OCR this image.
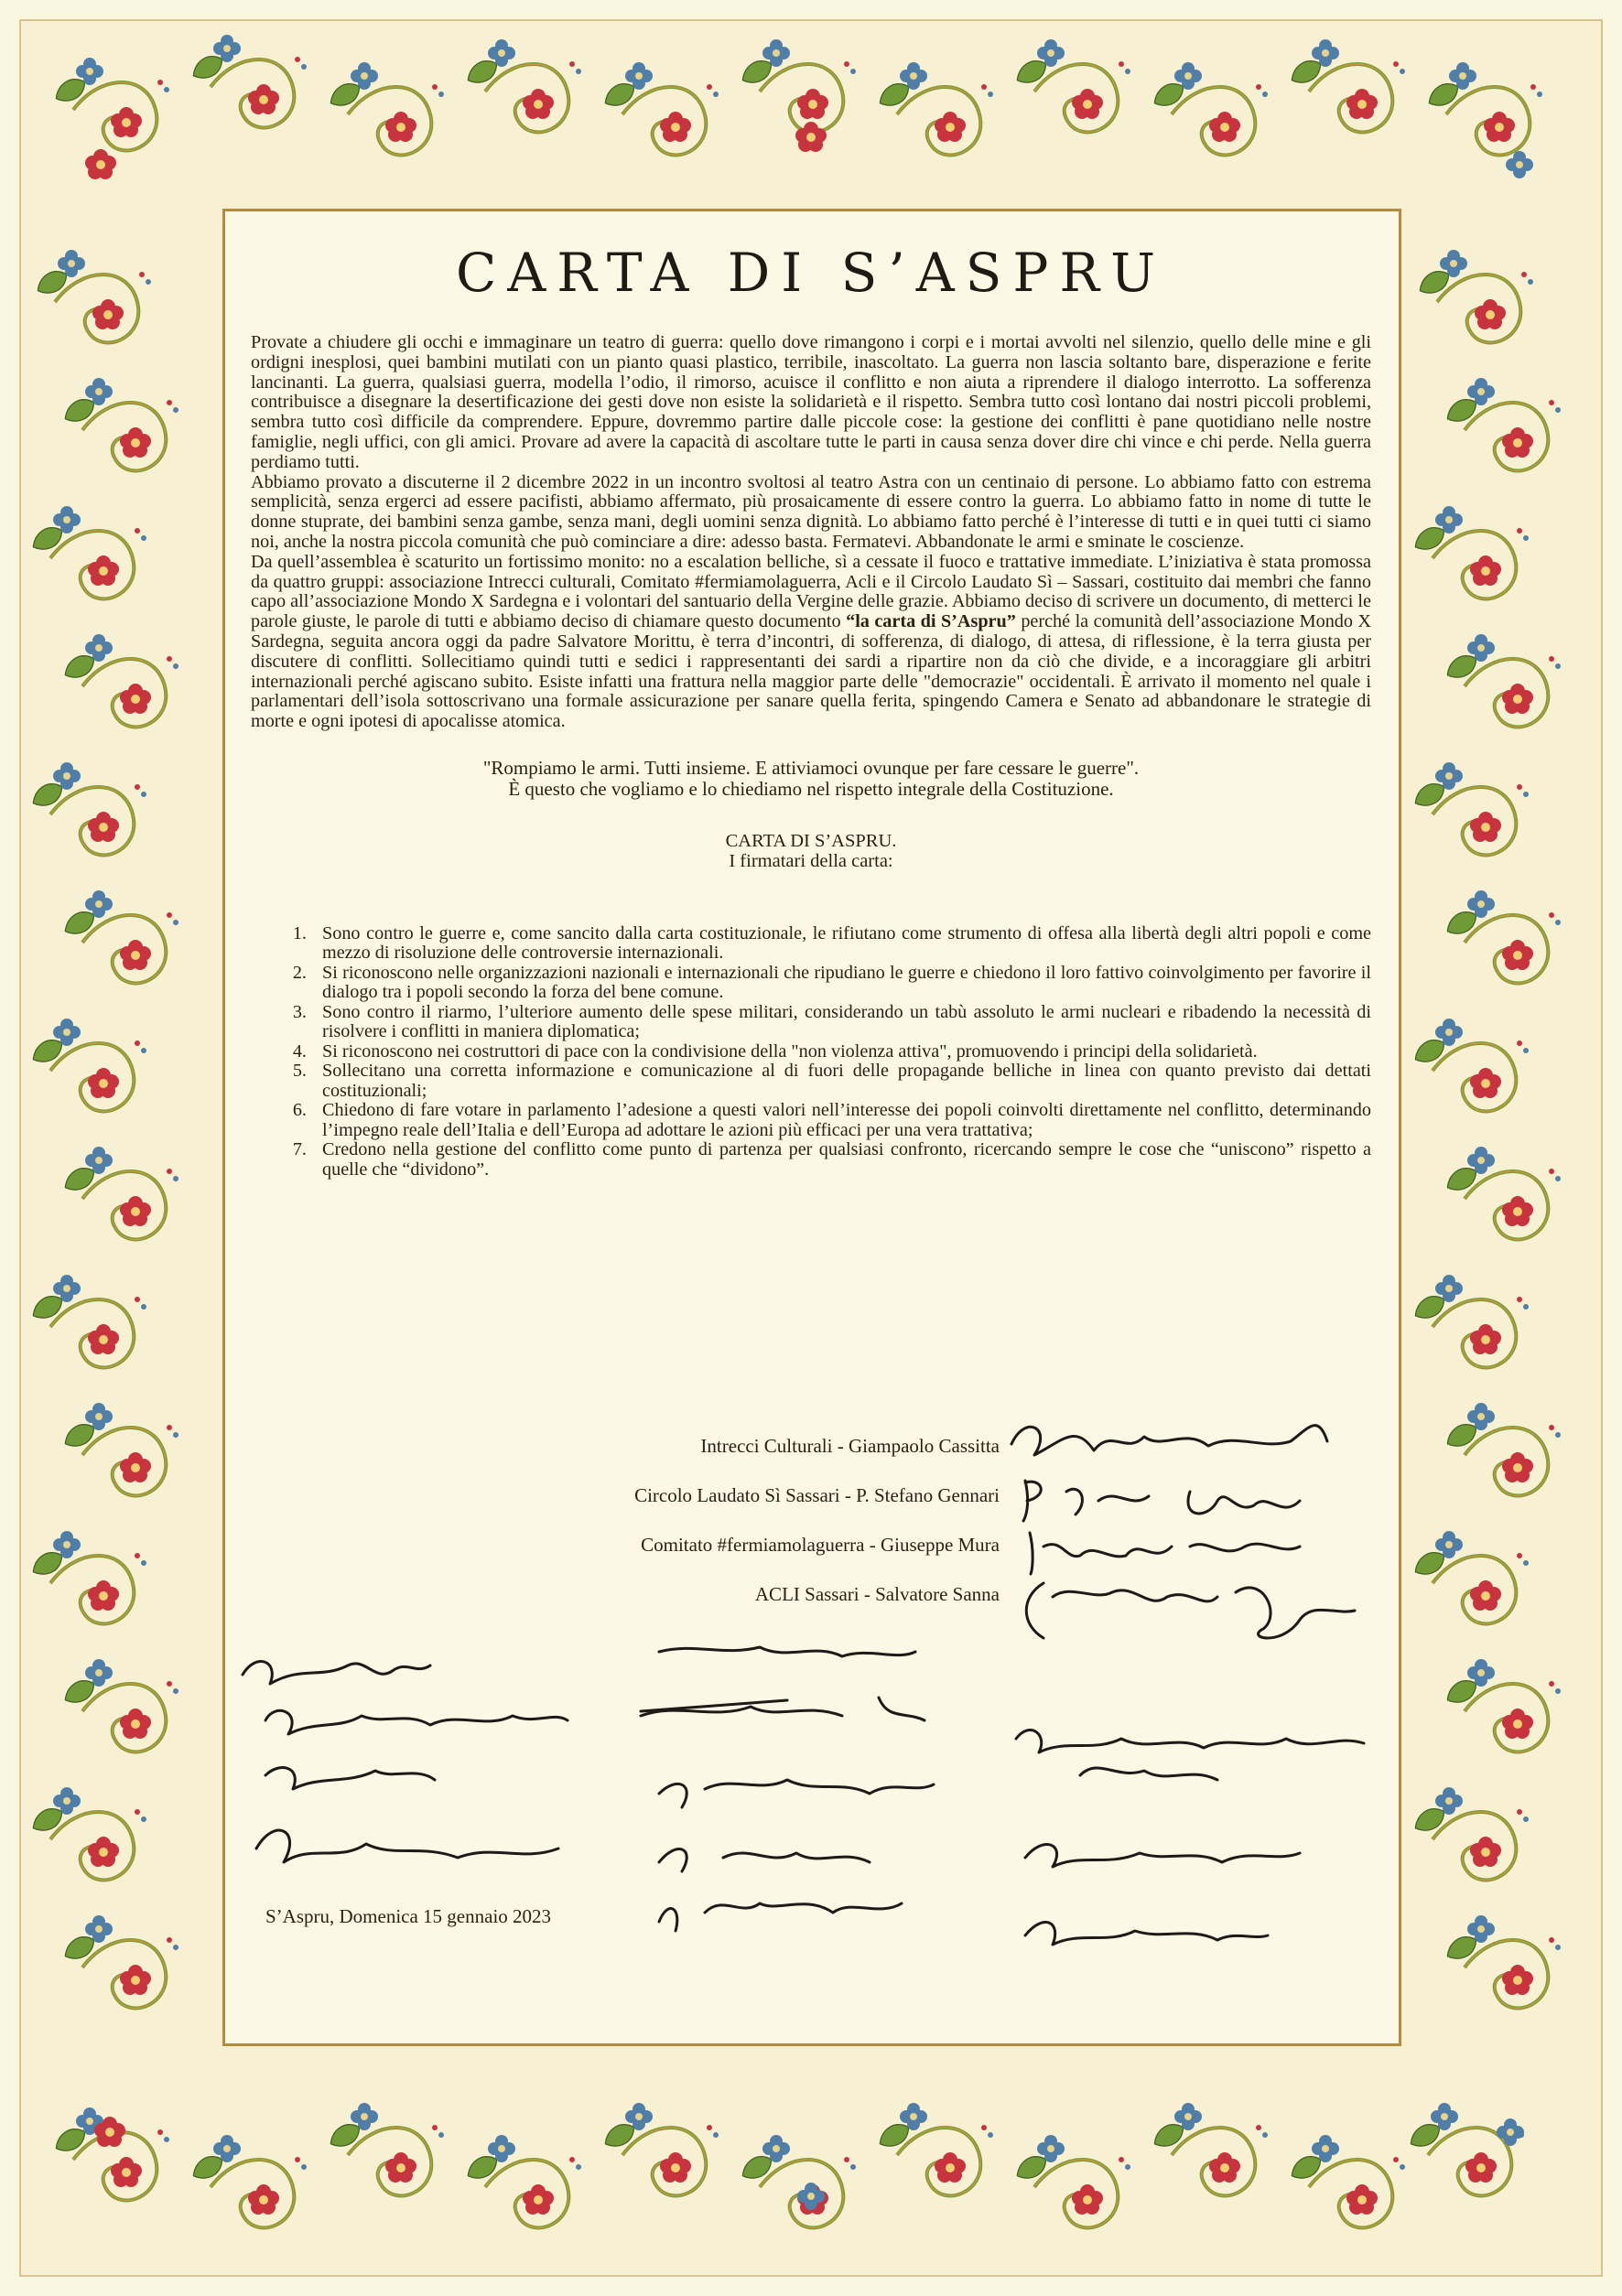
CARTA DI S’ASPRU

Provate a chiudere gli occhi e immaginare un teatro di guerra: quello dove rimangono i corpi e i mortai avvolti nel silenzio, quello delle mine e gli ordigni inesplosi, quei bambini mutilati con un pianto quasi plastico, terribile, inascoltato. La guerra non lascia soltanto bare, disperazione e ferite lancinanti. La guerra, qualsiasi guerra, modella l’odio, il rimorso, acuisce il conflitto e non aiuta a riprendere il dialogo interrotto. La sofferenza contribuisce a disegnare la desertificazione dei gesti dove non esiste la solidarietà e il rispetto. Sembra tutto così lontano dai nostri piccoli problemi, sembra tutto così difficile da comprendere. Eppure, dovremmo partire dalle piccole cose: la gestione dei conflitti è pane quotidiano nelle nostre famiglie, negli uffici, con gli amici. Provare ad avere la capacità di ascoltare tutte le parti in causa senza dover dire chi vince e chi perde. Nella guerra perdiamo tutti.

Abbiamo provato a discuterne il 2 dicembre 2022 in un incontro svoltosi al teatro Astra con un centinaio di persone. Lo abbiamo fatto con estrema semplicità, senza ergerci ad essere pacifisti, abbiamo affermato, più prosaicamente di essere contro la guerra. Lo abbiamo fatto in nome di tutte le donne stuprate, dei bambini senza gambe, senza mani, degli uomini senza dignità. Lo abbiamo fatto perché è l’interesse di tutti e in quei tutti ci siamo noi, anche la nostra piccola comunità che può cominciare a dire: adesso basta. Fermatevi. Abbandonate le armi e sminate le coscienze.

Da quell’assemblea è scaturito un fortissimo monito: no a escalation belliche, sì a cessate il fuoco e trattative immediate. L’iniziativa è stata promossa da quattro gruppi: associazione Intrecci culturali, Comitato #fermiamolaguerra, Acli e il Circolo Laudato Sì – Sassari, costituito dai membri che fanno capo all’associazione Mondo X Sardegna e i volontari del santuario della Vergine delle grazie. Abbiamo deciso di scrivere un documento, di metterci le parole giuste, le parole di tutti e abbiamo deciso di chiamare questo documento “la carta di S’Aspru” perché la comunità dell’associazione Mondo X Sardegna, seguita ancora oggi da padre Salvatore Morittu, è terra d’incontri, di sofferenza, di dialogo, di attesa, di riflessione, è la terra giusta per discutere di conflitti. Sollecitiamo quindi tutti e sedici i rappresentanti dei sardi a ripartire non da ciò che divide, e a incoraggiare gli arbitri internazionali perché agiscano subito. Esiste infatti una frattura nella maggior parte delle "democrazie" occidentali. È arrivato il momento nel quale i parlamentari dell’isola sottoscrivano una formale assicurazione per sanare quella ferita, spingendo Camera e Senato ad abbandonare le strategie di morte e ogni ipotesi di apocalisse atomica.

"Rompiamo le armi. Tutti insieme. E attiviamoci ovunque per fare cessare le guerre".

È questo che vogliamo e lo chiediamo nel rispetto integrale della Costituzione.

CARTA DI S’ASPRU.

I firmatari della carta:

1. Sono contro le guerre e, come sancito dalla carta costituzionale, le rifiutano come strumento di offesa alla libertà degli altri popoli e come mezzo di risoluzione delle controversie internazionali.
2. Si riconoscono nelle organizzazioni nazionali e internazionali che ripudiano le guerre e chiedono il loro fattivo coinvolgimento per favorire il dialogo tra i popoli secondo la forza del bene comune.
3. Sono contro il riarmo, l’ulteriore aumento delle spese militari, considerando un tabù assoluto le armi nucleari e ribadendo la necessità di risolvere i conflitti in maniera diplomatica;
4. Si riconoscono nei costruttori di pace con la condivisione della "non violenza attiva", promuovendo i principi della solidarietà.
5. Sollecitano una corretta informazione e comunicazione al di fuori delle propagande belliche in linea con quanto previsto dai dettati costituzionali;
6. Chiedono di fare votare in parlamento l’adesione a questi valori nell’interesse dei popoli coinvolti direttamente nel conflitto, determinando l’impegno reale dell’Italia e dell’Europa ad adottare le azioni più efficaci per una vera trattativa;
7. Credono nella gestione del conflitto come punto di partenza per qualsiasi confronto, ricercando sempre le cose che “uniscono” rispetto a quelle che “dividono”.
Intrecci Culturali - Giampaolo Cassitta
Circolo Laudato Sì Sassari - P. Stefano Gennari
Comitato #fermiamolaguerra - Giuseppe Mura
ACLI Sassari - Salvatore Sanna
S’Aspru, Domenica 15 gennaio 2023
